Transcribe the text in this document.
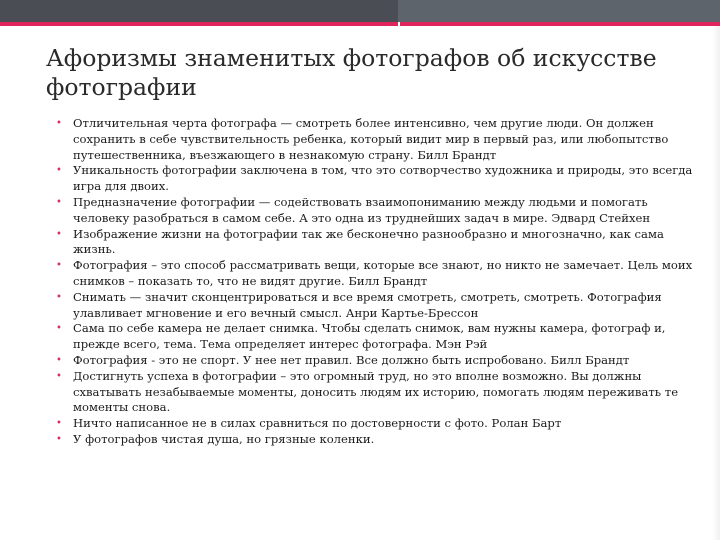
Афоризмы знаменитых фотографов об искусстве фотографии
• Отличительная черта фотографа — смотреть более интенсивно, чем другие люди. Он должен сохранить в себе чувствительность ребенка, который видит мир в первый раз, или любопытство путешественника, въезжающего в незнакомую страну. Билл Брандт
• Уникальность фотографии заключена в том, что это сотворчество художника и природы, это всегда игра для двоих.
• Предназначение фотографии — содействовать взаимопониманию между людьми и помогать человеку разобраться в самом себе. А это одна из труднейших задач в мире. Эдвард Стейхен
• Изображение жизни на фотографии так же бесконечно разнообразно и многозначно, как сама жизнь.
• Фотография – это способ рассматривать вещи, которые все знают, но никто не замечает. Цель моих снимков – показать то, что не видят другие. Билл Брандт
• Снимать — значит сконцентрироваться и все время смотреть, смотреть, смотреть. Фотография улавливает мгновение и его вечный смысл. Анри Картье-Брессон
• Сама по себе камера не делает снимка. Чтобы сделать снимок, вам нужны камера, фотограф и, прежде всего, тема. Тема определяет интерес фотографа. Мэн Рэй
• Фотография - это не спорт. У нее нет правил. Все должно быть испробовано. Билл Брандт
• Достигнуть успеха в фотографии – это огромный труд, но это вполне возможно. Вы должны схватывать незабываемые моменты, доносить людям их историю, помогать людям переживать те моменты снова.
• Ничто написанное не в силах сравниться по достоверности с фото. Ролан Барт
• У фотографов чистая душа, но грязные коленки.
